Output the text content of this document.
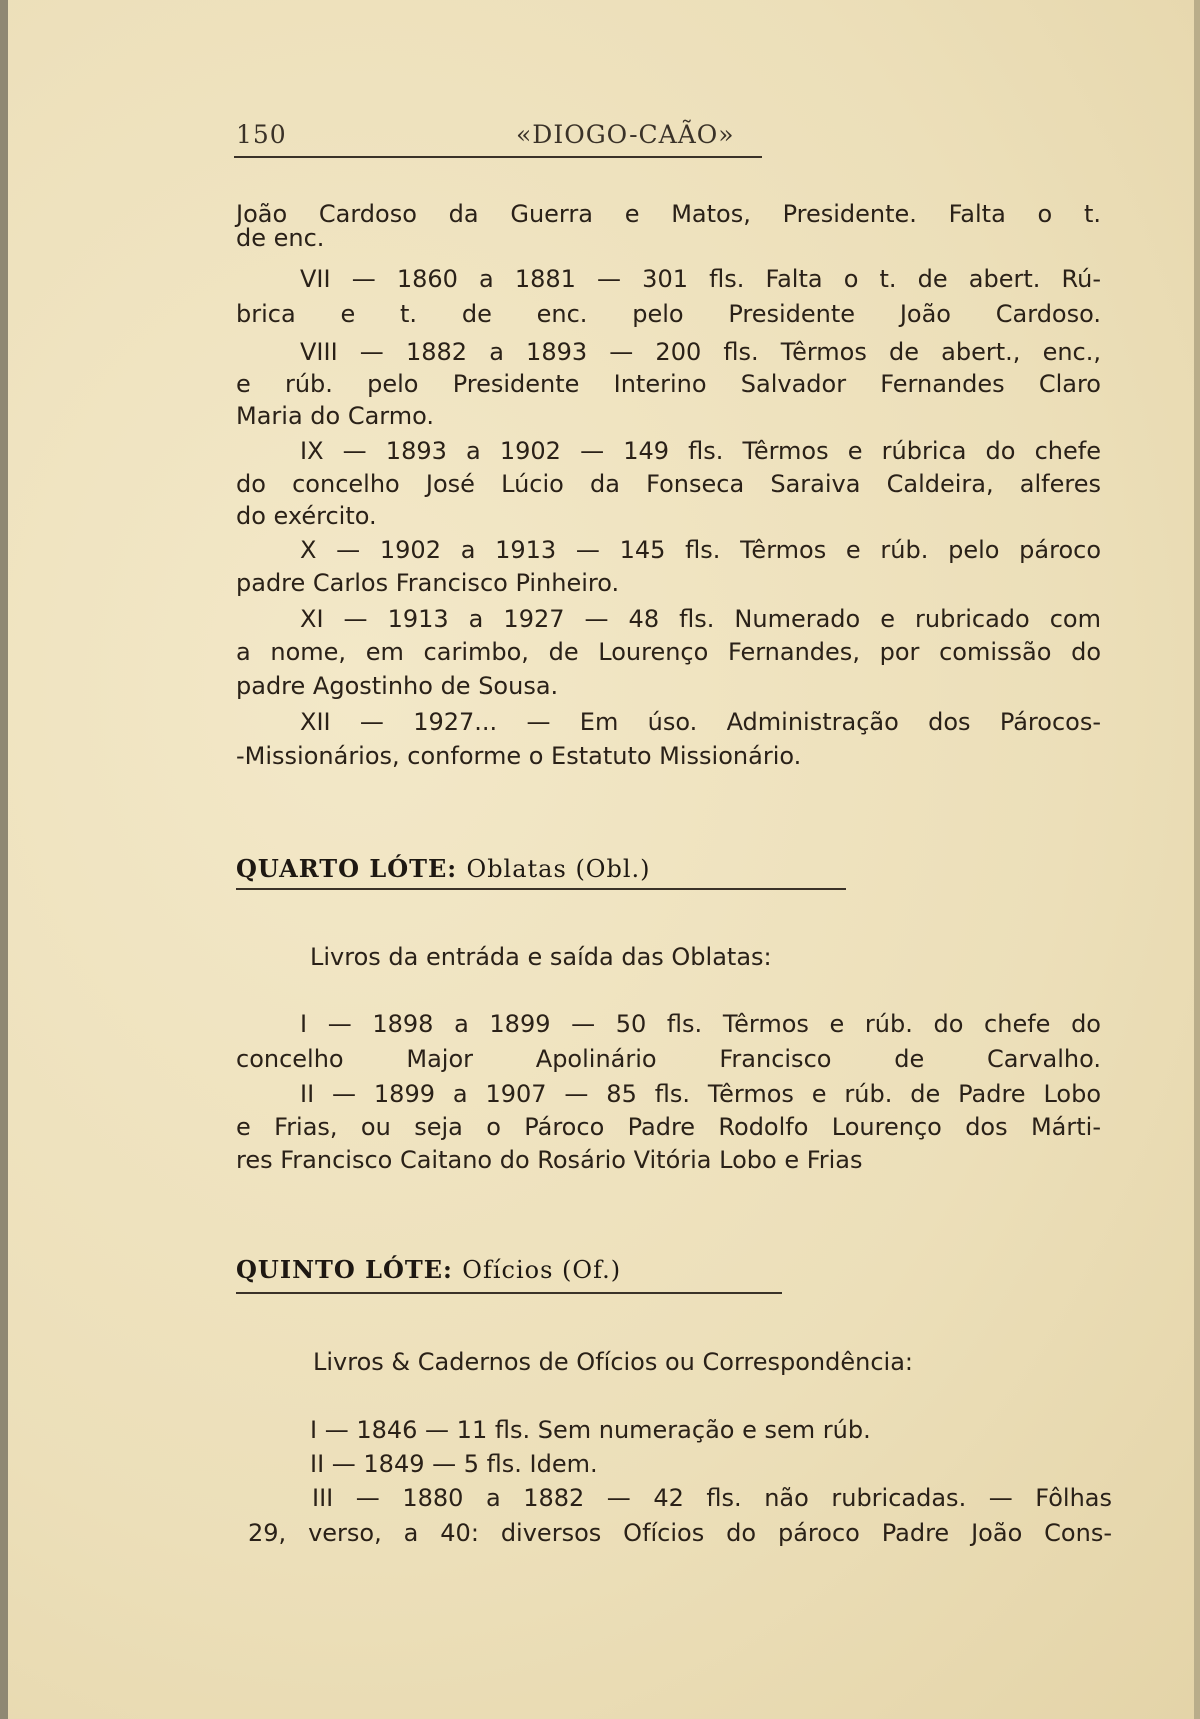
150	«DIOGO-CAÃO»
João Cardoso da Guerra e Matos, Presidente. Falta o t.
de enc.
VII — 1860 a 1881 — 301 fls. Falta o t. de abert. Rú-
brica e t. de enc. pelo Presidente João Cardoso.
VIII — 1882 a 1893 — 200 fls. Têrmos de abert., enc.,
e rúb. pelo Presidente Interino Salvador Fernandes Claro
Maria do Carmo.
IX — 1893 a 1902 — 149 fls. Têrmos e rúbrica do chefe
do concelho José Lúcio da Fonseca Saraiva Caldeira, alferes
do exército.
X — 1902 a 1913 — 145 fls. Têrmos e rúb. pelo pároco
padre Carlos Francisco Pinheiro.
XI — 1913 a 1927 — 48 fls. Numerado e rubricado com
a nome, em carimbo, de Lourenço Fernandes, por comissão do
padre Agostinho de Sousa.
XII — 1927... — Em úso. Administração dos Párocos-
-Missionários, conforme o Estatuto Missionário.
QUARTO LÓTE: Oblatas (Obl.)
Livros da entráda e saída das Oblatas:
I — 1898 a 1899 — 50 fls. Têrmos e rúb. do chefe do
concelho Major Apolinário Francisco de Carvalho.
II — 1899 a 1907 — 85 fls. Têrmos e rúb. de Padre Lobo
e Frias, ou seja o Pároco Padre Rodolfo Lourenço dos Márti-
res Francisco Caitano do Rosário Vitória Lobo e Frias
QUINTO LÓTE: Ofícios (Of.)
Livros & Cadernos de Ofícios ou Correspondência:
I — 1846 — 11 fls. Sem numeração e sem rúb.
II — 1849 — 5 fls. Idem.
III — 1880 a 1882 — 42 fls. não rubricadas. — Fôlhas
29, verso, a 40: diversos Ofícios do pároco Padre João Cons-
